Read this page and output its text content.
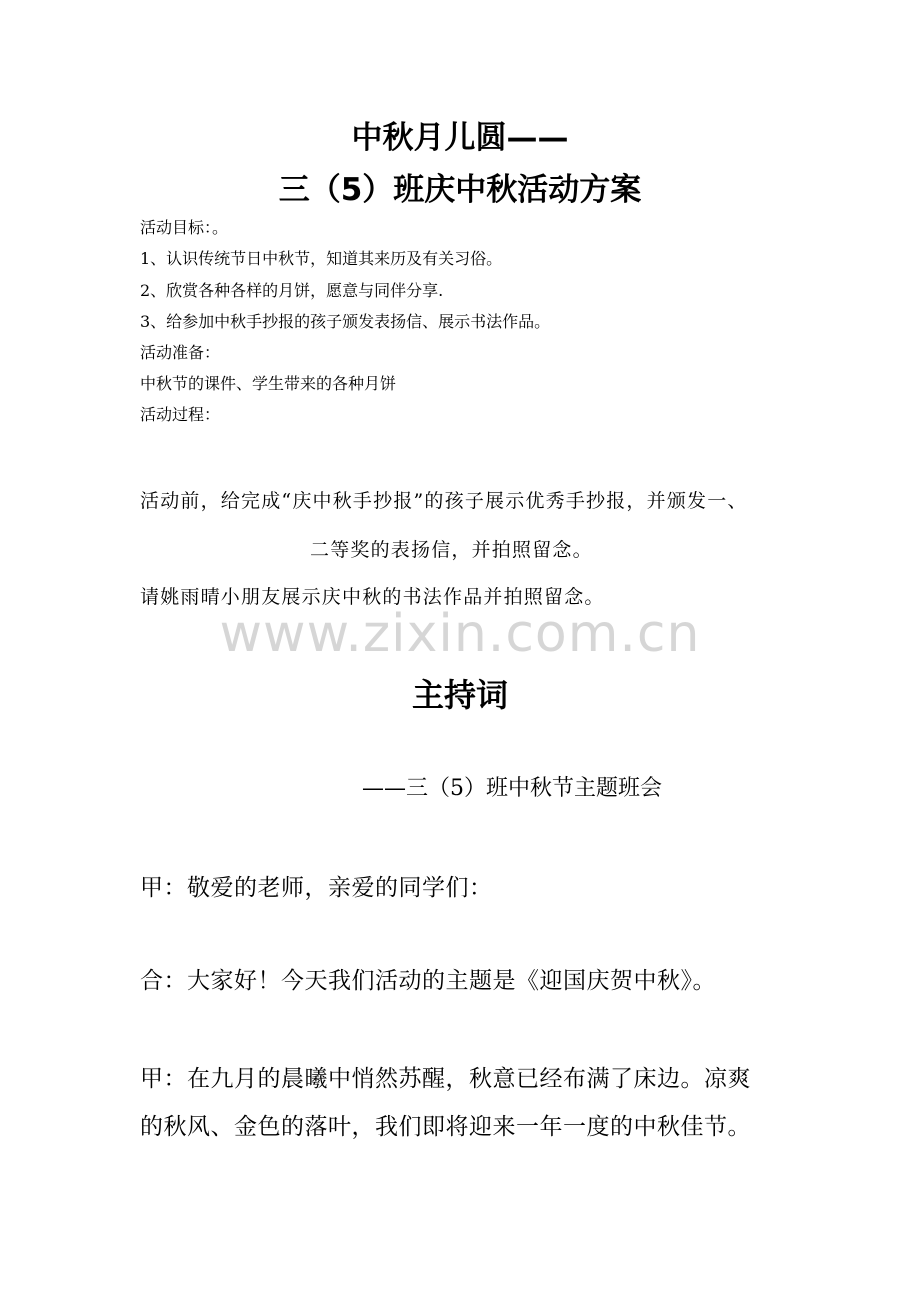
中秋月儿圆——
三（5）班庆中秋活动方案
活动目标：。
1、认识传统节日中秋节，知道其来历及有关习俗。
2、欣赏各种各样的月饼，愿意与同伴分享.
3、给参加中秋手抄报的孩子颁发表扬信、展示书法作品。
活动准备：
中秋节的课件、学生带来的各种月饼
活动过程：
活动前，给完成“庆中秋手抄报”的孩子展示优秀手抄报，并颁发一、
二等奖的表扬信，并拍照留念。
请姚雨晴小朋友展示庆中秋的书法作品并拍照留念。
www.zixin.com.cn
主持词
——三（5）班中秋节主题班会
甲：敬爱的老师，亲爱的同学们：
合：大家好！今天我们活动的主题是《迎国庆贺中秋》。
甲：在九月的晨曦中悄然苏醒，秋意已经布满了床边。凉爽
的秋风、金色的落叶，我们即将迎来一年一度的中秋佳节。
